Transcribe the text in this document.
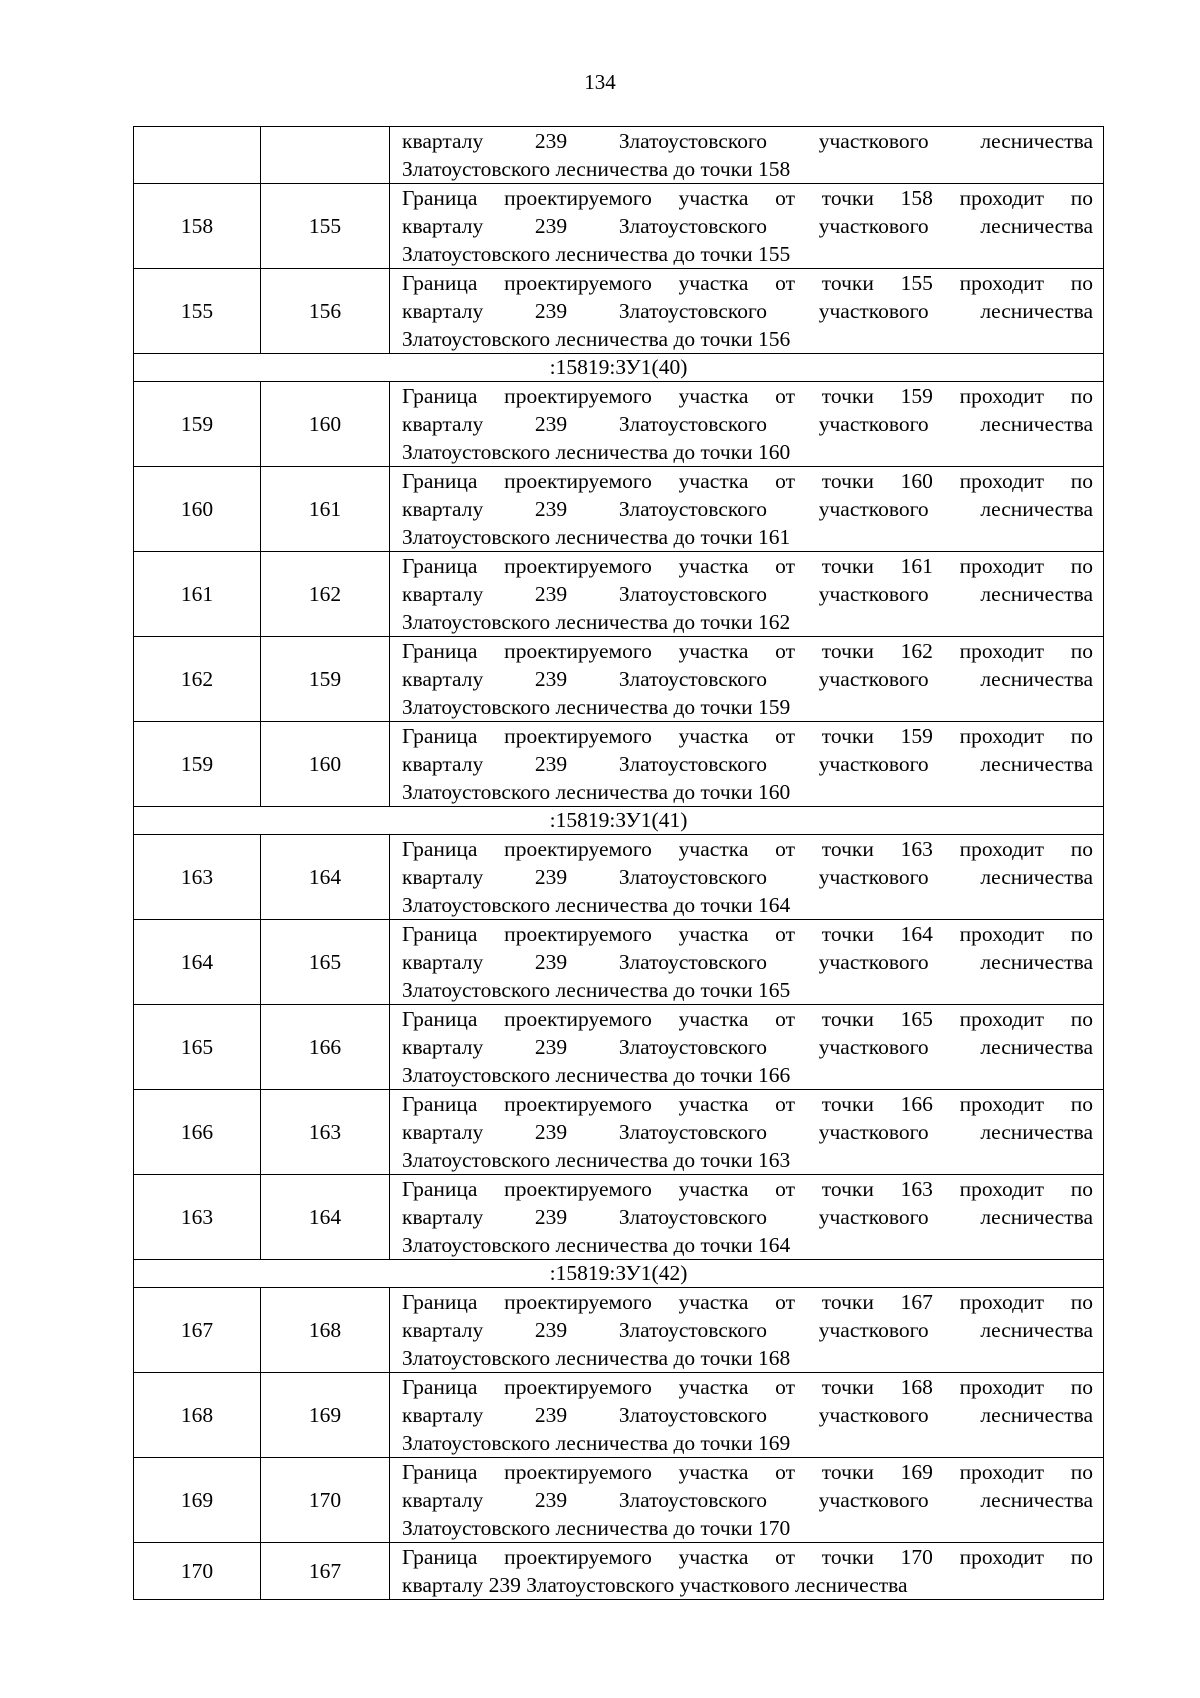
134

		кварталу 239 Златоустовского участкового лесничества
Златоустовского лесничества до точки 158

158	155	Граница проектируемого участка от точки 158 проходит по
кварталу 239 Златоустовского участкового лесничества
Златоустовского лесничества до точки 155

155	156	Граница проектируемого участка от точки 155 проходит по
кварталу 239 Златоустовского участкового лесничества
Златоустовского лесничества до точки 156

:15819:ЗУ1(40)		
159	160	Граница проектируемого участка от точки 159 проходит по
кварталу 239 Златоустовского участкового лесничества
Златоустовского лесничества до точки 160

160	161	Граница проектируемого участка от точки 160 проходит по
кварталу 239 Златоустовского участкового лесничества
Златоустовского лесничества до точки 161

161	162	Граница проектируемого участка от точки 161 проходит по
кварталу 239 Златоустовского участкового лесничества
Златоустовского лесничества до точки 162

162	159	Граница проектируемого участка от точки 162 проходит по
кварталу 239 Златоустовского участкового лесничества
Златоустовского лесничества до точки 159

159	160	Граница проектируемого участка от точки 159 проходит по
кварталу 239 Златоустовского участкового лесничества
Златоустовского лесничества до точки 160

:15819:ЗУ1(41)		
163	164	Граница проектируемого участка от точки 163 проходит по
кварталу 239 Златоустовского участкового лесничества
Златоустовского лесничества до точки 164

164	165	Граница проектируемого участка от точки 164 проходит по
кварталу 239 Златоустовского участкового лесничества
Златоустовского лесничества до точки 165

165	166	Граница проектируемого участка от точки 165 проходит по
кварталу 239 Златоустовского участкового лесничества
Златоустовского лесничества до точки 166

166	163	Граница проектируемого участка от точки 166 проходит по
кварталу 239 Златоустовского участкового лесничества
Златоустовского лесничества до точки 163

163	164	Граница проектируемого участка от точки 163 проходит по
кварталу 239 Златоустовского участкового лесничества
Златоустовского лесничества до точки 164

:15819:ЗУ1(42)		
167	168	Граница проектируемого участка от точки 167 проходит по
кварталу 239 Златоустовского участкового лесничества
Златоустовского лесничества до точки 168

168	169	Граница проектируемого участка от точки 168 проходит по
кварталу 239 Златоустовского участкового лесничества
Златоустовского лесничества до точки 169

169	170	Граница проектируемого участка от точки 169 проходит по
кварталу 239 Златоустовского участкового лесничества
Златоустовского лесничества до точки 170

170	167	Граница проектируемого участка от точки 170 проходит по
кварталу 239 Златоустовского участкового лесничества
